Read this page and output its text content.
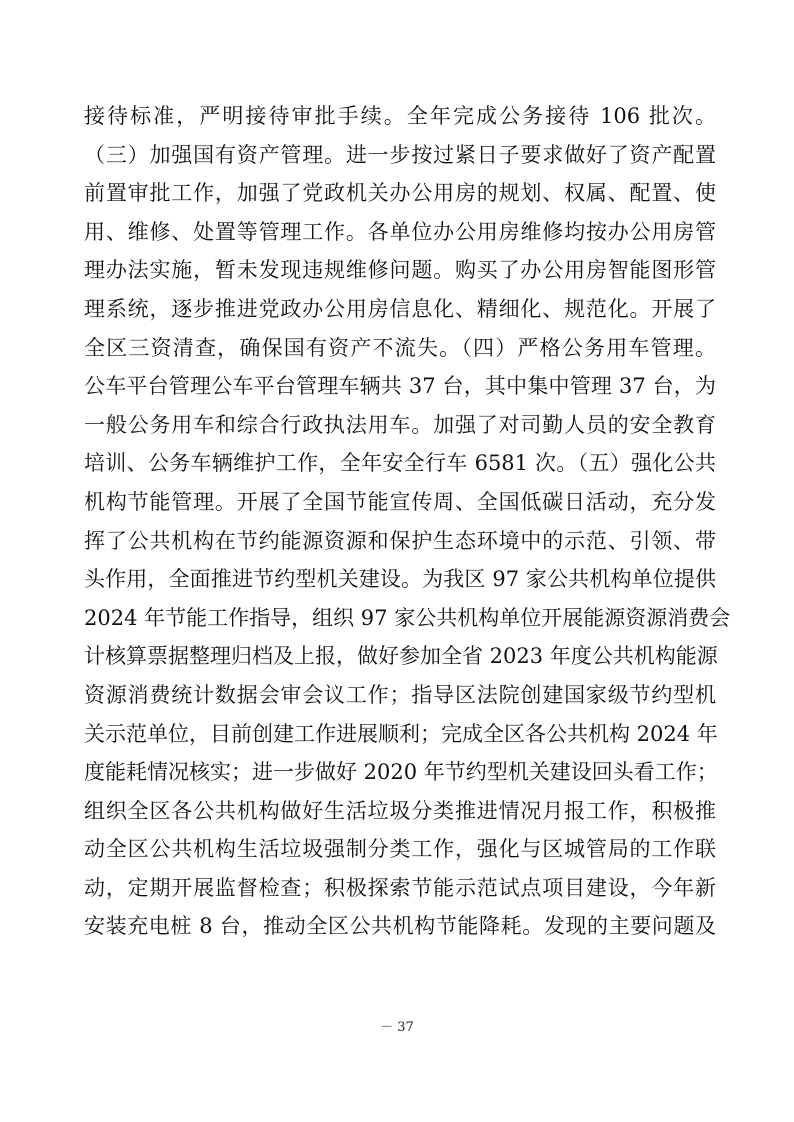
接待标准，严明接待审批手续。全年完成公务接待 106 批次。
（三）加强国有资产管理。进一步按过紧日子要求做好了资产配置
前置审批工作，加强了党政机关办公用房的规划、权属、配置、使
用、维修、处置等管理工作。各单位办公用房维修均按办公用房管
理办法实施，暂未发现违规维修问题。购买了办公用房智能图形管
理系统，逐步推进党政办公用房信息化、精细化、规范化。开展了
全区三资清查，确保国有资产不流失。（四）严格公务用车管理。
公车平台管理公车平台管理车辆共 37 台，其中集中管理 37 台，为
一般公务用车和综合行政执法用车。加强了对司勤人员的安全教育
培训、公务车辆维护工作，全年安全行车 6581 次。（五）强化公共
机构节能管理。开展了全国节能宣传周、全国低碳日活动，充分发
挥了公共机构在节约能源资源和保护生态环境中的示范、引领、带
头作用，全面推进节约型机关建设。为我区 97 家公共机构单位提供
2024 年节能工作指导，组织 97 家公共机构单位开展能源资源消费会
计核算票据整理归档及上报，做好参加全省 2023 年度公共机构能源
资源消费统计数据会审会议工作；指导区法院创建国家级节约型机
关示范单位，目前创建工作进展顺利；完成全区各公共机构 2024 年
度能耗情况核实；进一步做好 2020 年节约型机关建设回头看工作；
组织全区各公共机构做好生活垃圾分类推进情况月报工作，积极推
动全区公共机构生活垃圾强制分类工作，强化与区城管局的工作联
动，定期开展监督检查；积极探索节能示范试点项目建设，今年新
安装充电桩 8 台，推动全区公共机构节能降耗。发现的主要问题及
－ 37
